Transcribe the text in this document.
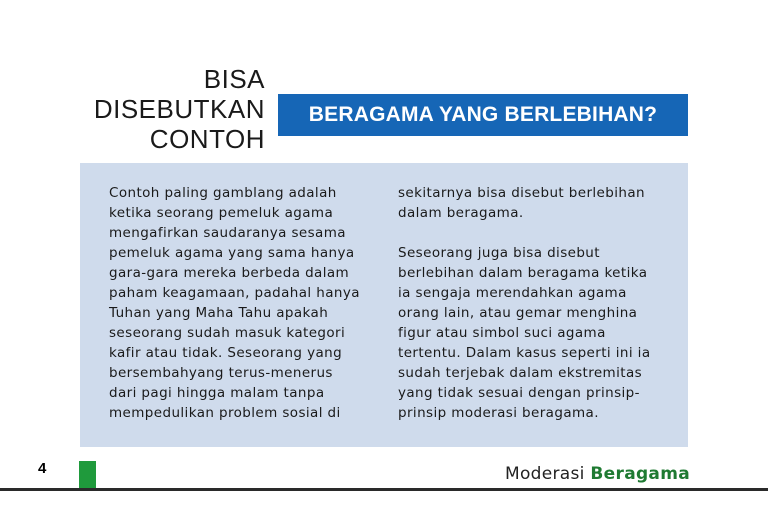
BISA
DISEBUTKAN
CONTOH
BERAGAMA YANG BERLEBIHAN?
Contoh paling gamblang adalah
ketika seorang pemeluk agama
mengafirkan saudaranya sesama
pemeluk agama yang sama hanya
gara-gara mereka berbeda dalam
paham keagamaan, padahal hanya
Tuhan yang Maha Tahu apakah
seseorang sudah masuk kategori
kafir atau tidak. Seseorang yang
bersembahyang terus-menerus
dari pagi hingga malam tanpa
mempedulikan problem sosial di
sekitarnya bisa disebut berlebihan
dalam beragama.

Seseorang juga bisa disebut
berlebihan dalam beragama ketika
ia sengaja merendahkan agama
orang lain, atau gemar menghina
figur atau simbol suci agama
tertentu. Dalam kasus seperti ini ia
sudah terjebak dalam ekstremitas
yang tidak sesuai dengan prinsip-
prinsip moderasi beragama.
4	Moderasi Beragama
